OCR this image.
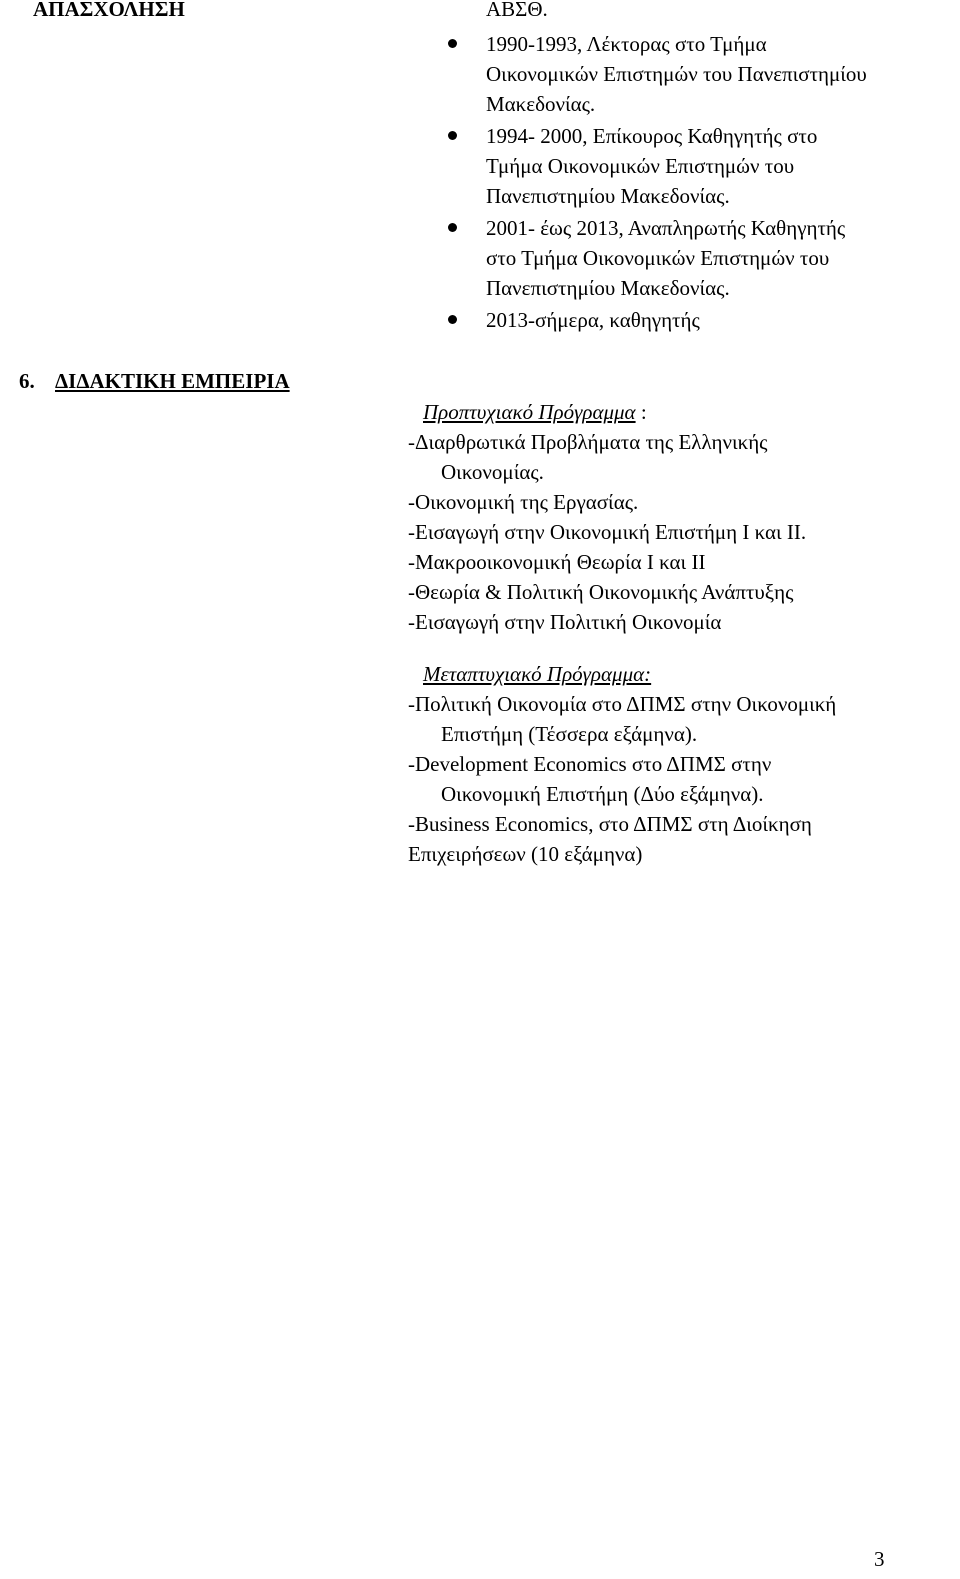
ΑΠΑΣΧΟΛΗΣΗ	ΑΒΣΘ.
1990-1993, Λέκτορας στο Τμήμα
Οικονομικών Επιστημών του Πανεπιστημίου
Μακεδονίας.
1994- 2000, Επίκουρος Καθηγητής στο
Τμήμα Οικονομικών Επιστημών του
Πανεπιστημίου Μακεδονίας.
2001- έως 2013, Αναπληρωτής Καθηγητής
στο Τμήμα Οικονομικών Επιστημών του
Πανεπιστημίου Μακεδονίας.
2013-σήμερα, καθηγητής
6. ΔΙΔΑΚΤΙΚΗ ΕΜΠΕΙΡΙΑ
Προπτυχιακό Πρόγραμμα :
-Διαρθρωτικά Προβλήματα της Ελληνικής
Οικονομίας.
-Οικονομική της Εργασίας.
-Εισαγωγή στην Οικονομική Επιστήμη Ι και ΙΙ.
-Μακροοικονομική Θεωρία Ι και ΙΙ
-Θεωρία & Πολιτική Οικονομικής Ανάπτυξης
-Εισαγωγή στην Πολιτική Οικονομία
Μεταπτυχιακό Πρόγραμμα:
-Πολιτική Οικονομία στο ΔΠΜΣ στην Οικονομική
Επιστήμη (Τέσσερα εξάμηνα).
-Development Economics στο ΔΠΜΣ στην
Οικονομική Επιστήμη (Δύο εξάμηνα).
-Business Economics, στο ΔΠΜΣ στη Διοίκηση
Επιχειρήσεων (10 εξάμηνα)
3
